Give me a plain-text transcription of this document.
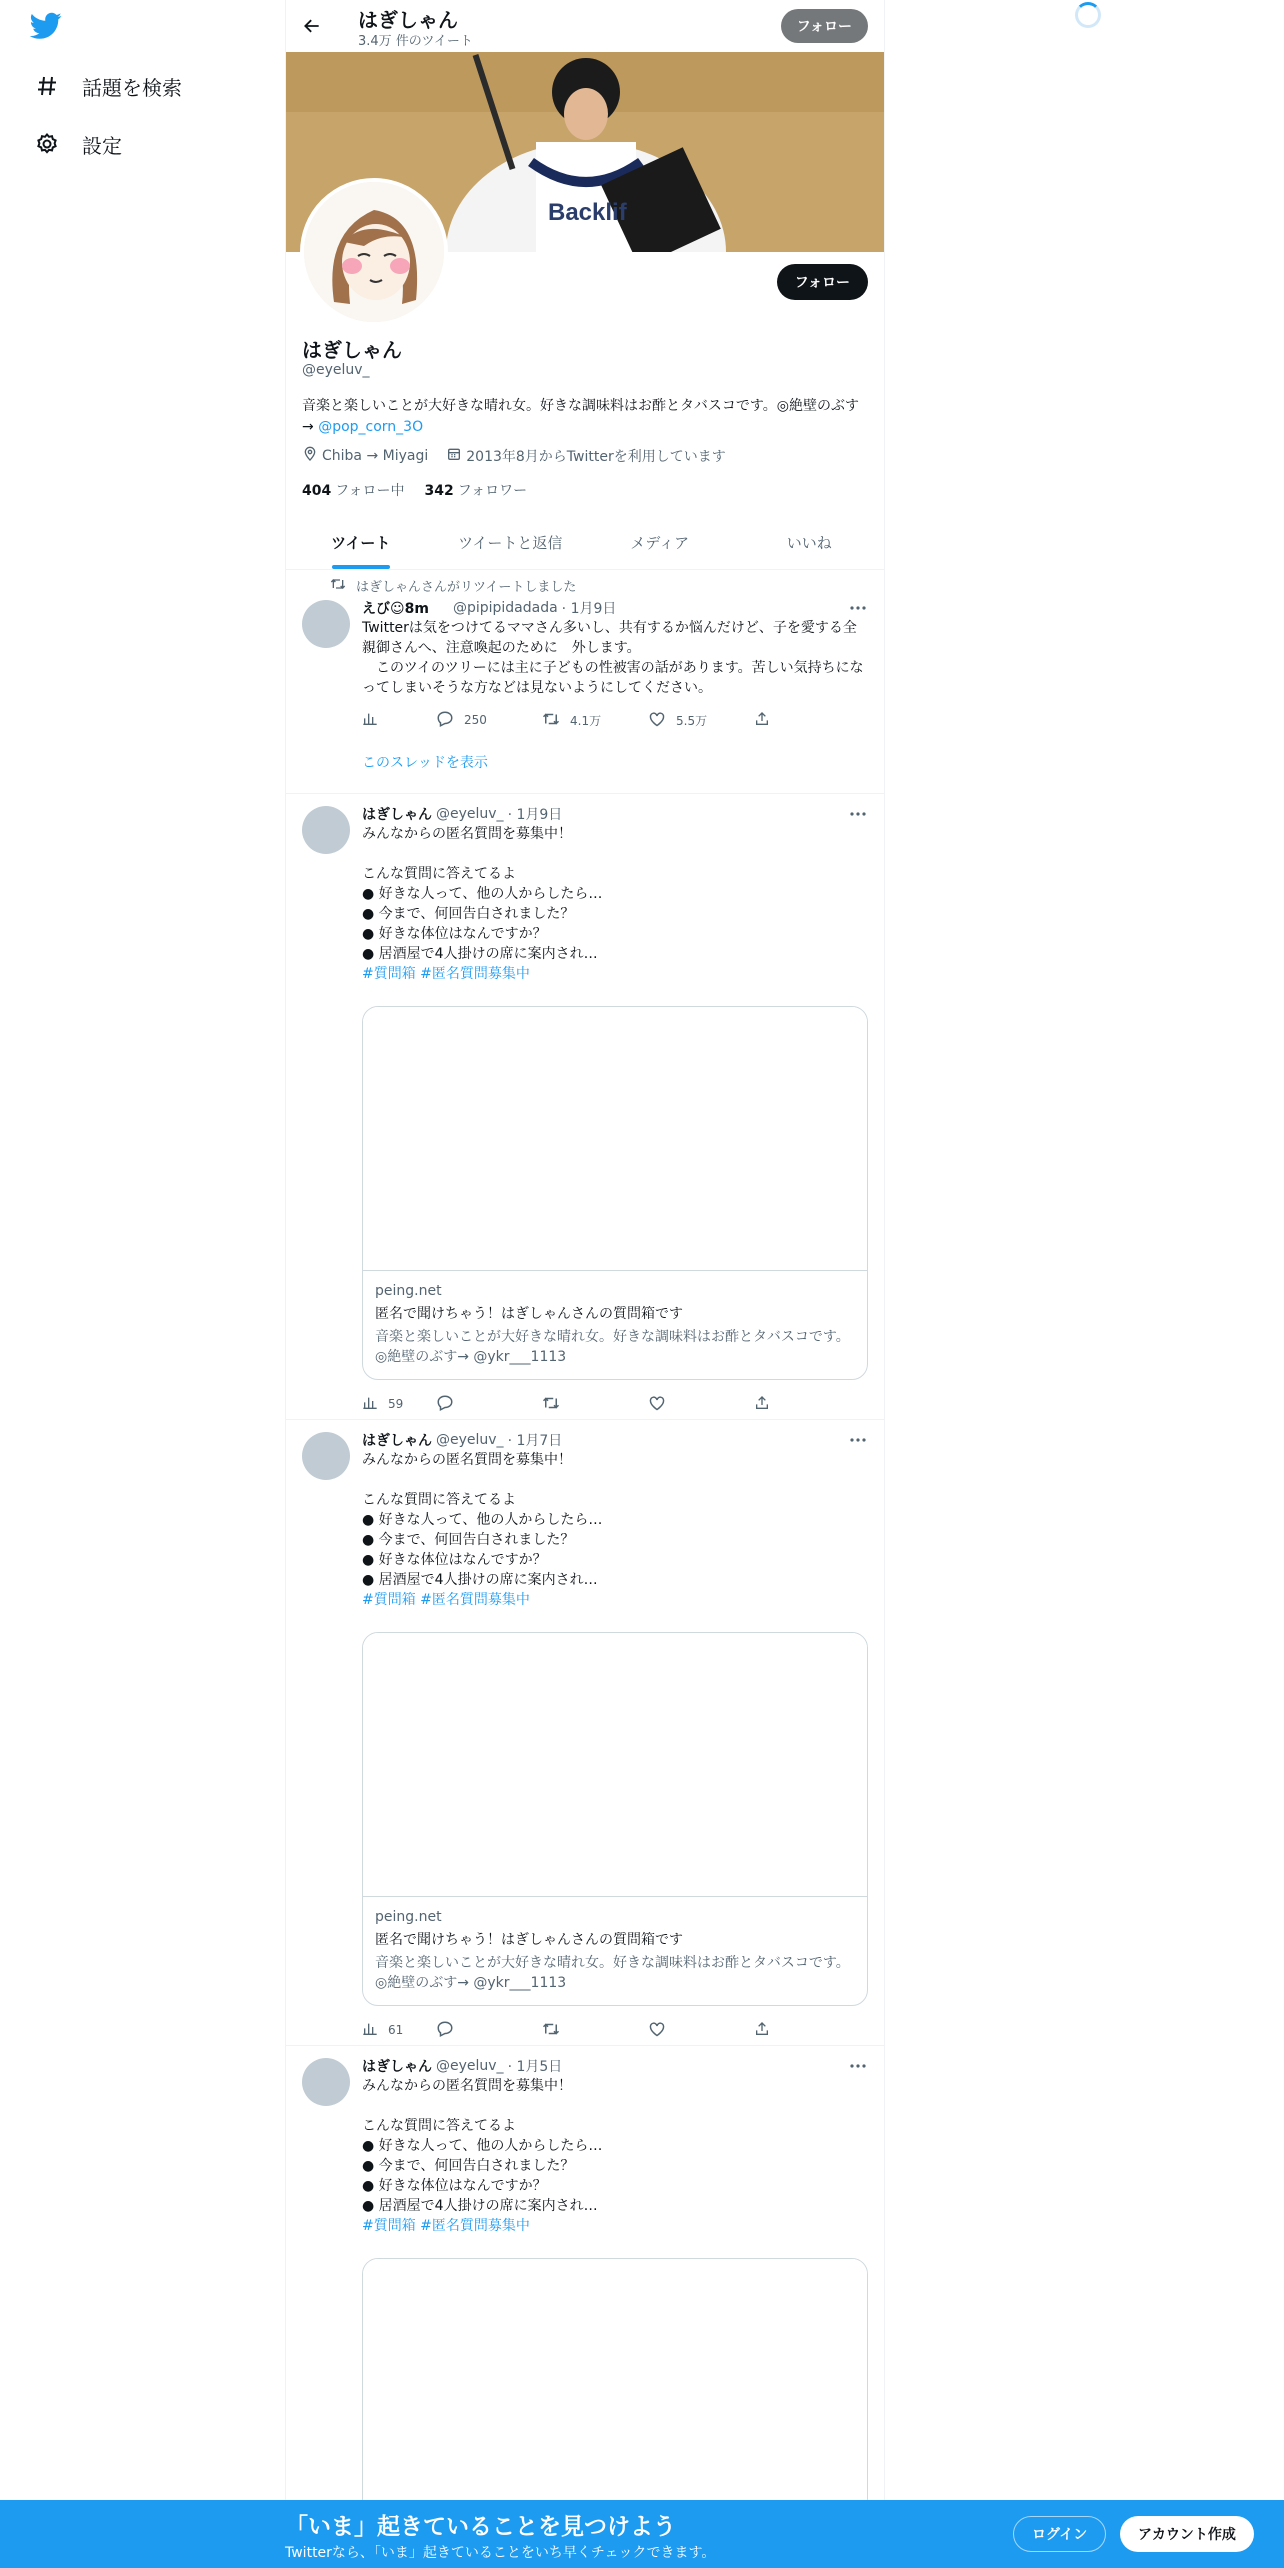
話題を検索
設定
はぎしゃん
3.4万 件のツイート
フォロー
Backlif
フォロー
はぎしゃん
@eyeluv_
音楽と楽しいことが大好きな晴れ女。好きな調味料はお酢とタバスコです。◎絶壁のぶす→ @pop_corn_3O
Chiba → Miyagi	2013年8月からTwitterを利用しています
404 フォロー中 342 フォロワー
ツイート	ツイートと返信	メディア	いいね
はぎしゃんさんがリツイートしました
えび☺8m @pipipidadada · 1月9日
Twitterは気をつけてるママさん多いし、共有するか悩んだけど、子を愛する全親御さんへ、注意喚起のために　外します。
　このツイのツリーには主に子どもの性被害の話があります。苦しい気持ちになってしまいそうな方などは見ないようにしてください。
250	4.1万	5.5万
このスレッドを表示
はぎしゃん @eyeluv_ · 1月9日
みんなからの匿名質問を募集中！

こんな質問に答えてるよ
● 好きな人って、他の人からしたら…
● 今まで、何回告白されました？
● 好きな体位はなんですか？
● 居酒屋で4人掛けの席に案内され…
#質問箱 #匿名質問募集中
peing.net
匿名で聞けちゃう！はぎしゃんさんの質問箱です
音楽と楽しいことが大好きな晴れ女。好きな調味料はお酢とタバスコです。◎絶壁のぶす→ @ykr___1113
59
はぎしゃん @eyeluv_ · 1月7日
みんなからの匿名質問を募集中！

こんな質問に答えてるよ
● 好きな人って、他の人からしたら…
● 今まで、何回告白されました？
● 好きな体位はなんですか？
● 居酒屋で4人掛けの席に案内され…
#質問箱 #匿名質問募集中
peing.net
匿名で聞けちゃう！はぎしゃんさんの質問箱です
音楽と楽しいことが大好きな晴れ女。好きな調味料はお酢とタバスコです。◎絶壁のぶす→ @ykr___1113
61
はぎしゃん @eyeluv_ · 1月5日
みんなからの匿名質問を募集中！

こんな質問に答えてるよ
● 好きな人って、他の人からしたら…
● 今まで、何回告白されました？
● 好きな体位はなんですか？
● 居酒屋で4人掛けの席に案内され…
#質問箱 #匿名質問募集中
「いま」起きていることを見つけよう
Twitterなら、「いま」起きていることをいち早くチェックできます。
ログイン	アカウント作成
